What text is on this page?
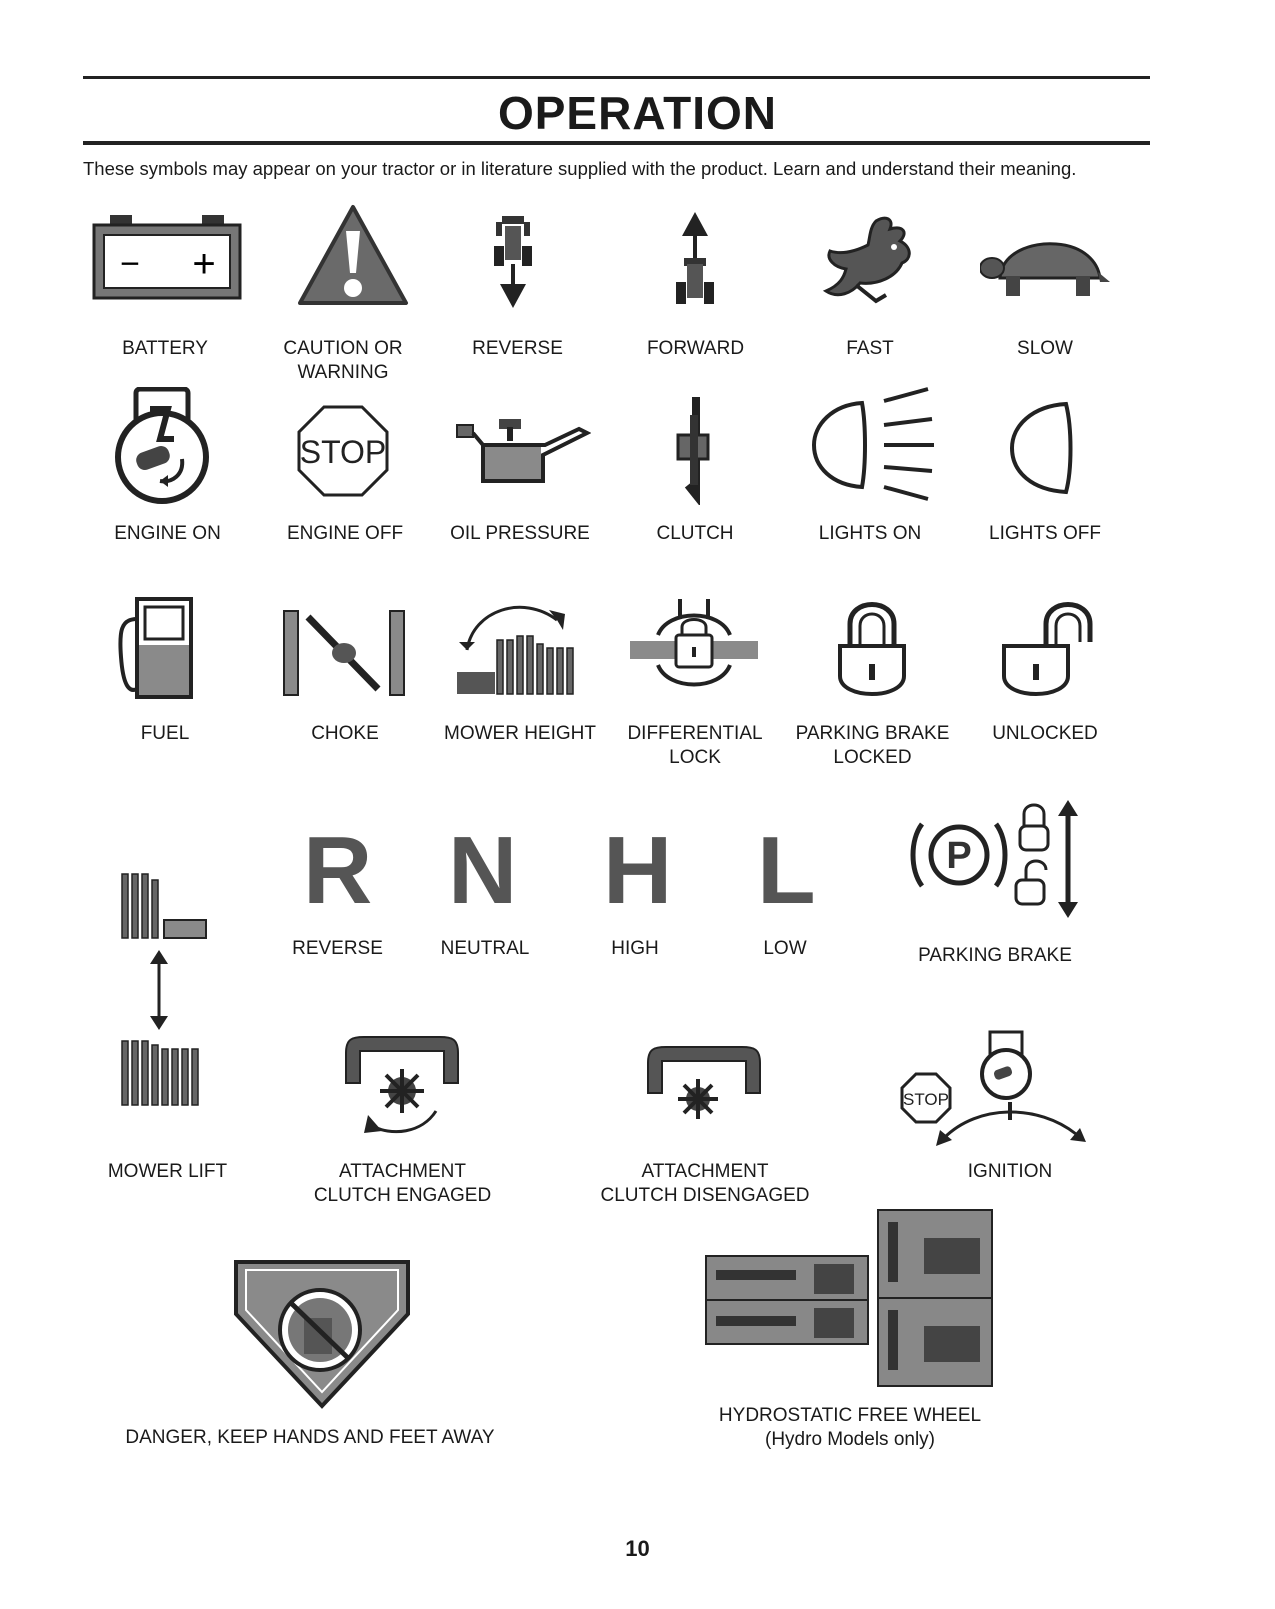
OPERATION
These symbols may appear on your tractor or in literature supplied with the product. Learn and understand their meaning.
− +
BATTERY	CAUTION OR
WARNING
REVERSE	FORWARD	FAST	SLOW
ENGINE ON
STOP
ENGINE OFF	OIL PRESSURE	CLUTCH	LIGHTS ON	LIGHTS OFF
FUEL	CHOKE	MOWER HEIGHT	DIFFERENTIAL
LOCK
PARKING BRAKE
LOCKED
UNLOCKED
MOWER LIFT
R
REVERSE
N
NEUTRAL
H
HIGH
L
LOW
P
PARKING BRAKE
ATTACHMENT
CLUTCH ENGAGED
ATTACHMENT
CLUTCH DISENGAGED
STOP
IGNITION
DANGER, KEEP HANDS AND FEET AWAY
HYDROSTATIC FREE WHEEL
(Hydro Models only)
10
